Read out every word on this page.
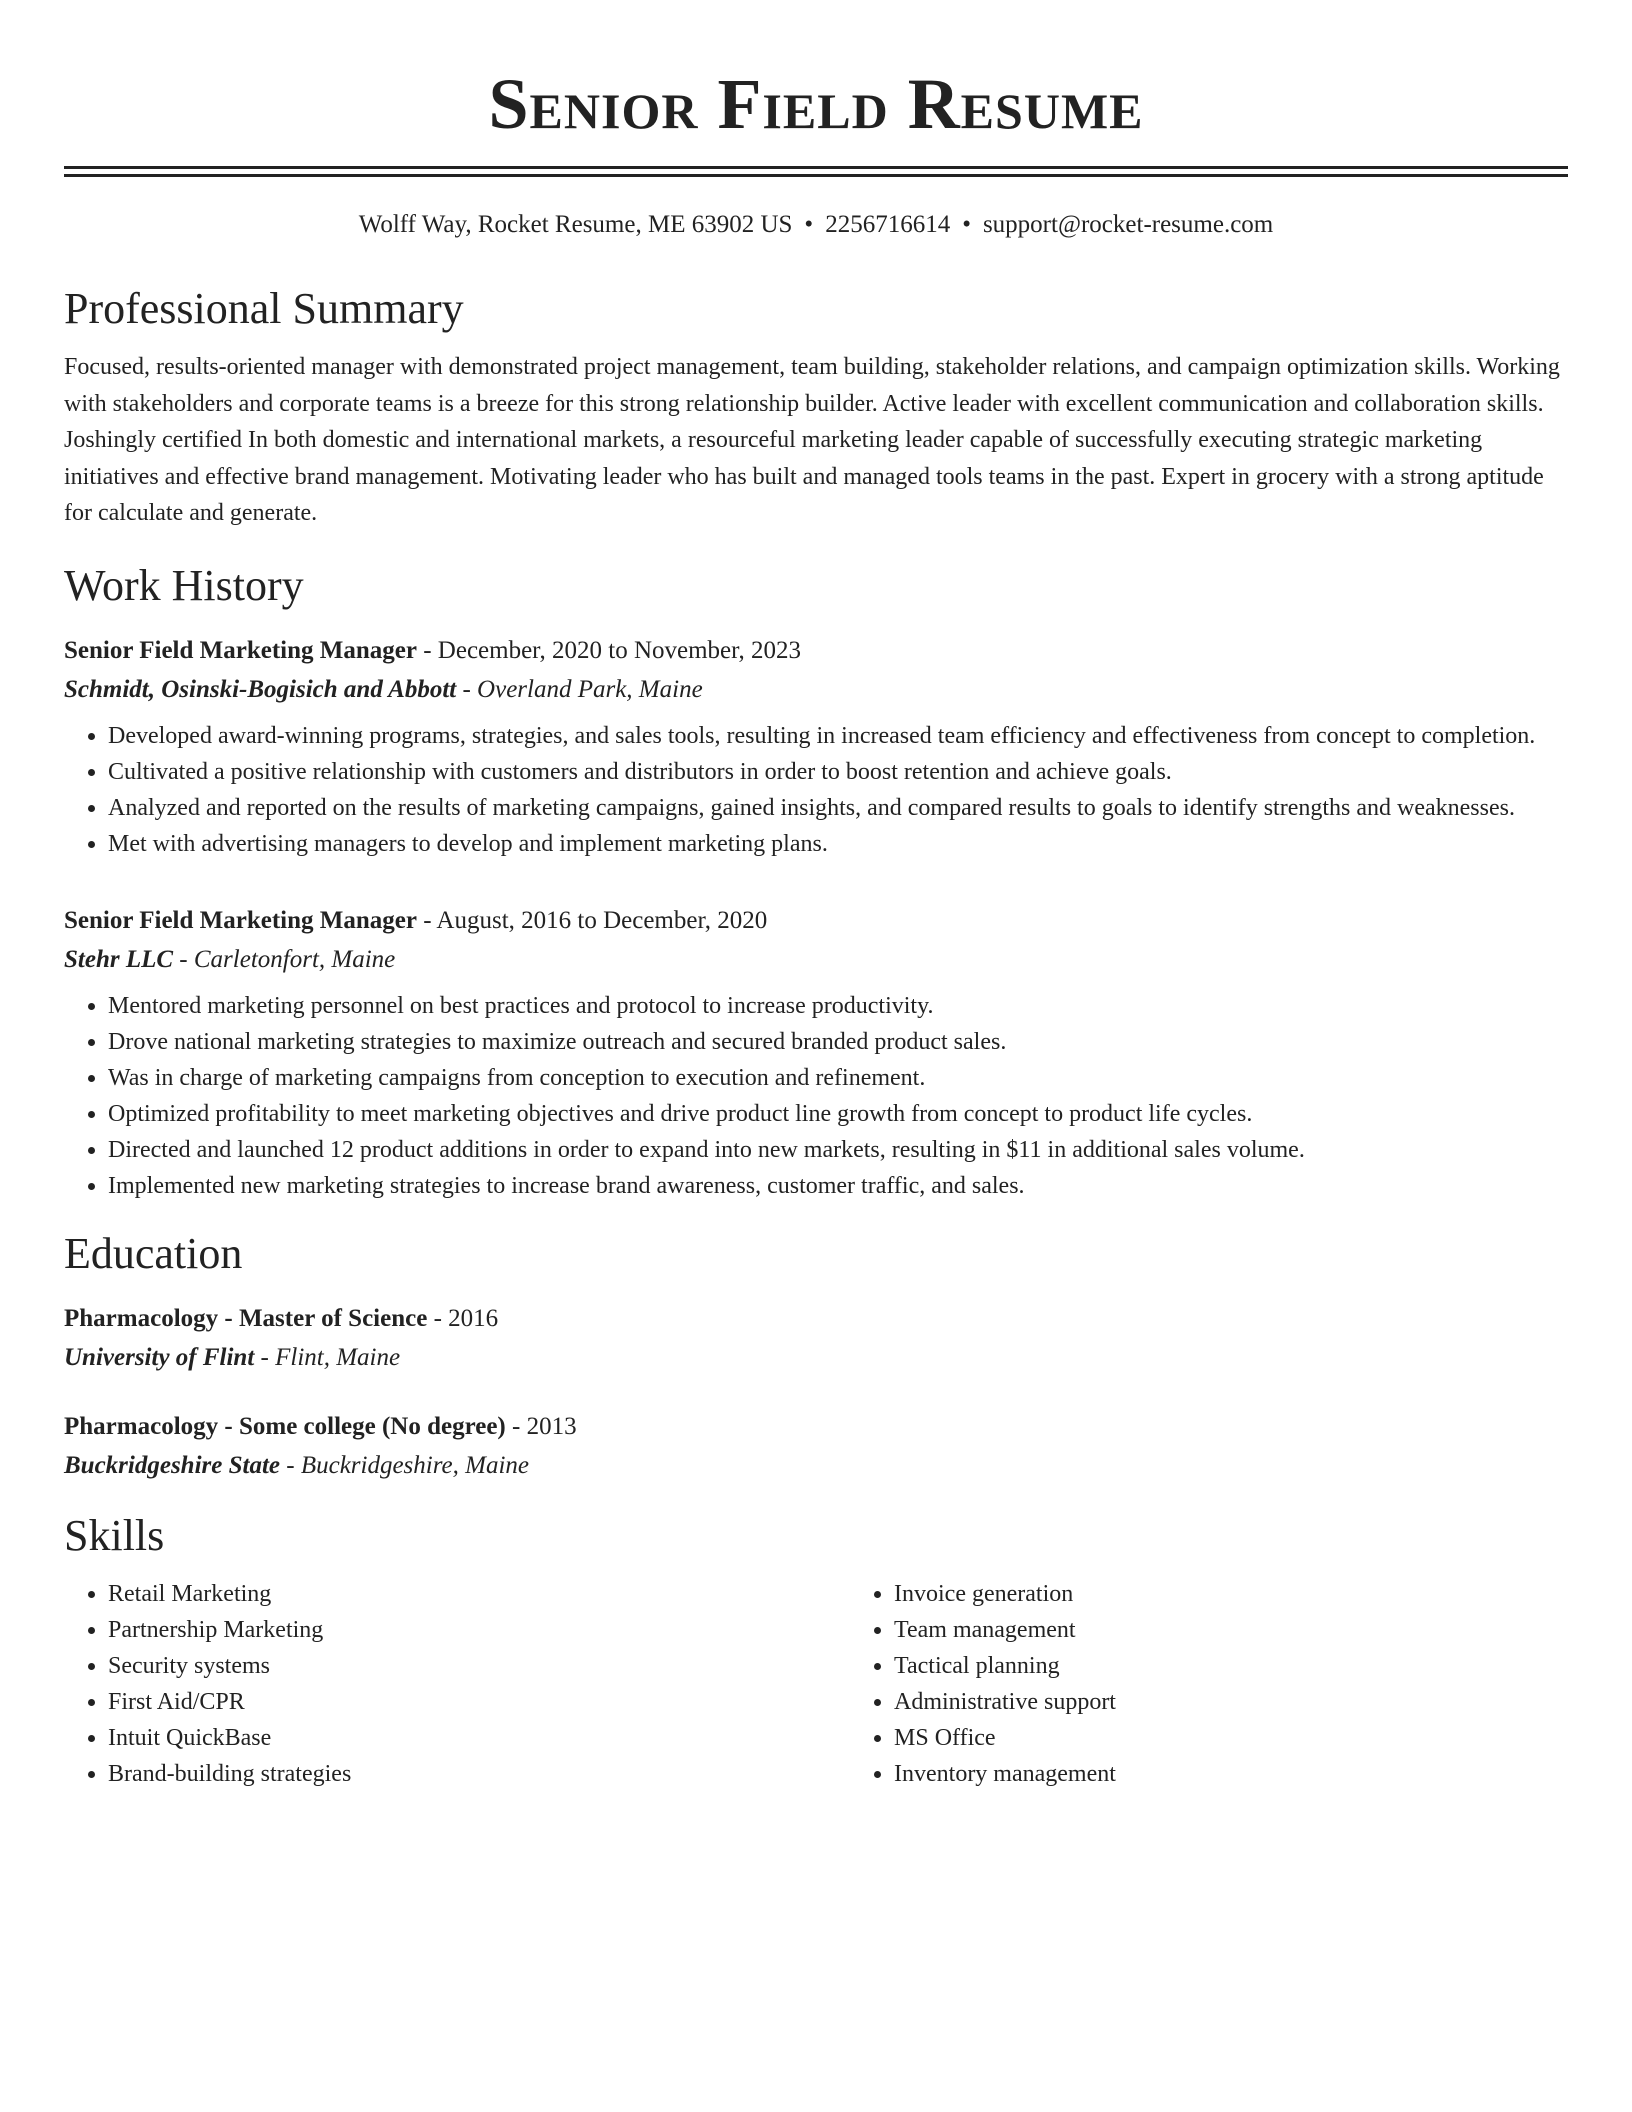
Senior Field Resume
Wolff Way, Rocket Resume, ME 63902 US • 2256716614 • support@rocket-resume.com
Professional Summary

Focused, results-oriented manager with demonstrated project management, team building, stakeholder relations, and campaign optimization skills. Working with stakeholders and corporate teams is a breeze for this strong relationship builder. Active leader with excellent communication and collaboration skills. Joshingly certified In both domestic and international markets, a resourceful marketing leader capable of successfully executing strategic marketing initiatives and effective brand management. Motivating leader who has built and managed tools teams in the past. Expert in grocery with a strong aptitude for calculate and generate.

Work History
Senior Field Marketing Manager - December, 2020 to November, 2023
Schmidt, Osinski-Bogisich and Abbott - Overland Park, Maine
• Developed award-winning programs, strategies, and sales tools, resulting in increased team efficiency and effectiveness from concept to completion.
• Cultivated a positive relationship with customers and distributors in order to boost retention and achieve goals.
• Analyzed and reported on the results of marketing campaigns, gained insights, and compared results to goals to identify strengths and weaknesses.
• Met with advertising managers to develop and implement marketing plans.
Senior Field Marketing Manager - August, 2016 to December, 2020
Stehr LLC - Carletonfort, Maine
• Mentored marketing personnel on best practices and protocol to increase productivity.
• Drove national marketing strategies to maximize outreach and secured branded product sales.
• Was in charge of marketing campaigns from conception to execution and refinement.
• Optimized profitability to meet marketing objectives and drive product line growth from concept to product life cycles.
• Directed and launched 12 product additions in order to expand into new markets, resulting in $11 in additional sales volume.
• Implemented new marketing strategies to increase brand awareness, customer traffic, and sales.
Education
Pharmacology - Master of Science - 2016
University of Flint - Flint, Maine
Pharmacology - Some college (No degree) - 2013
Buckridgeshire State - Buckridgeshire, Maine
Skills
• Retail Marketing
• Partnership Marketing
• Security systems
• First Aid/CPR
• Intuit QuickBase
• Brand-building strategies
• Invoice generation
• Team management
• Tactical planning
• Administrative support
• MS Office
• Inventory management
